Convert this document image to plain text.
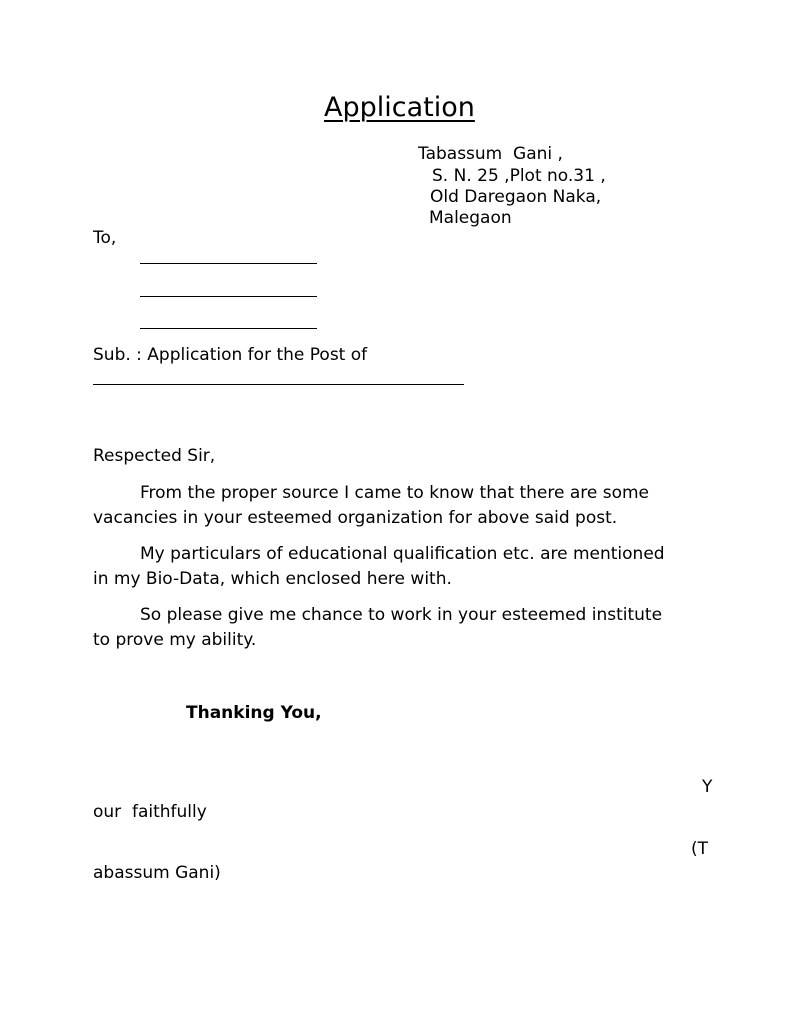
Application
Tabassum  Gani ,
S. N. 25 ,Plot no.31 ,
Old Daregaon Naka,
Malegaon
To,
Sub. : Application for the Post of
Respected Sir,
From the proper source I came to know that there are some
vacancies in your esteemed organization for above said post.
My particulars of educational qualification etc. are mentioned
in my Bio-Data, which enclosed here with.
So please give me chance to work in your esteemed institute
to prove my ability.
Thanking You,
Y
our  faithfully
(T
abassum Gani)
